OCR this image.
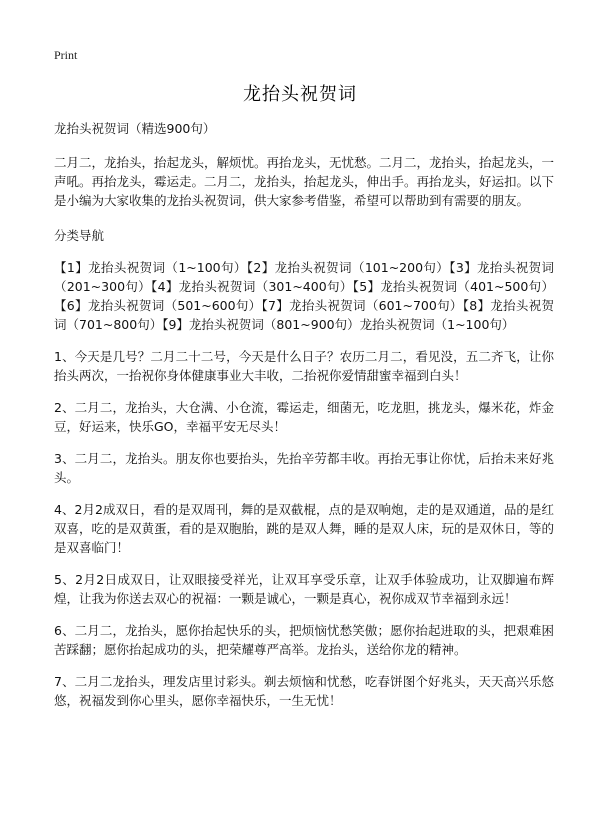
Print
龙抬头祝贺词

龙抬头祝贺词（精选900句）

二月二，龙抬头，抬起龙头，解烦忧。再抬龙头，无忧愁。二月二，龙抬头，抬起龙头，一声吼。再抬龙头，霉运走。二月二，龙抬头，抬起龙头，伸出手。再抬龙头，好运扣。以下是小编为大家收集的龙抬头祝贺词，供大家参考借鉴，希望可以帮助到有需要的朋友。

分类导航

【1】龙抬头祝贺词（1~100句）【2】龙抬头祝贺词（101~200句）【3】龙抬头祝贺词（201~300句）【4】龙抬头祝贺词（301~400句）【5】龙抬头祝贺词（401~500句）【6】龙抬头祝贺词（501~600句）【7】龙抬头祝贺词（601~700句）【8】龙抬头祝贺词（701~800句）【9】龙抬头祝贺词（801~900句）龙抬头祝贺词（1~100句）

1、今天是几号？二月二十二号，今天是什么日子？农历二月二，看见没，五二齐飞，让你抬头两次，一抬祝你身体健康事业大丰收，二抬祝你爱情甜蜜幸福到白头！

2、二月二，龙抬头，大仓满、小仓流，霉运走，细菌无，吃龙胆，挑龙头，爆米花，炸金豆，好运来，快乐GO，幸福平安无尽头！

3、二月二，龙抬头。朋友你也要抬头，先抬辛劳都丰收。再抬无事让你忧，后抬未来好兆头。

4、2月2成双日，看的是双周刊，舞的是双截棍，点的是双响炮，走的是双通道，品的是红双喜，吃的是双黄蛋，看的是双胞胎，跳的是双人舞，睡的是双人床，玩的是双休日，等的是双喜临门！

5、2月2日成双日，让双眼接受祥光，让双耳享受乐章，让双手体验成功，让双脚遍布辉煌，让我为你送去双心的祝福：一颗是诚心，一颗是真心，祝你成双节幸福到永远！

6、二月二，龙抬头，愿你抬起快乐的头，把烦恼忧愁笑傲；愿你抬起进取的头，把艰难困苦踩翻；愿你抬起成功的头，把荣耀尊严高举。龙抬头，送给你龙的精神。

7、二月二龙抬头，理发店里讨彩头。剃去烦恼和忧愁，吃春饼图个好兆头，天天高兴乐悠悠，祝福发到你心里头，愿你幸福快乐，一生无忧！
